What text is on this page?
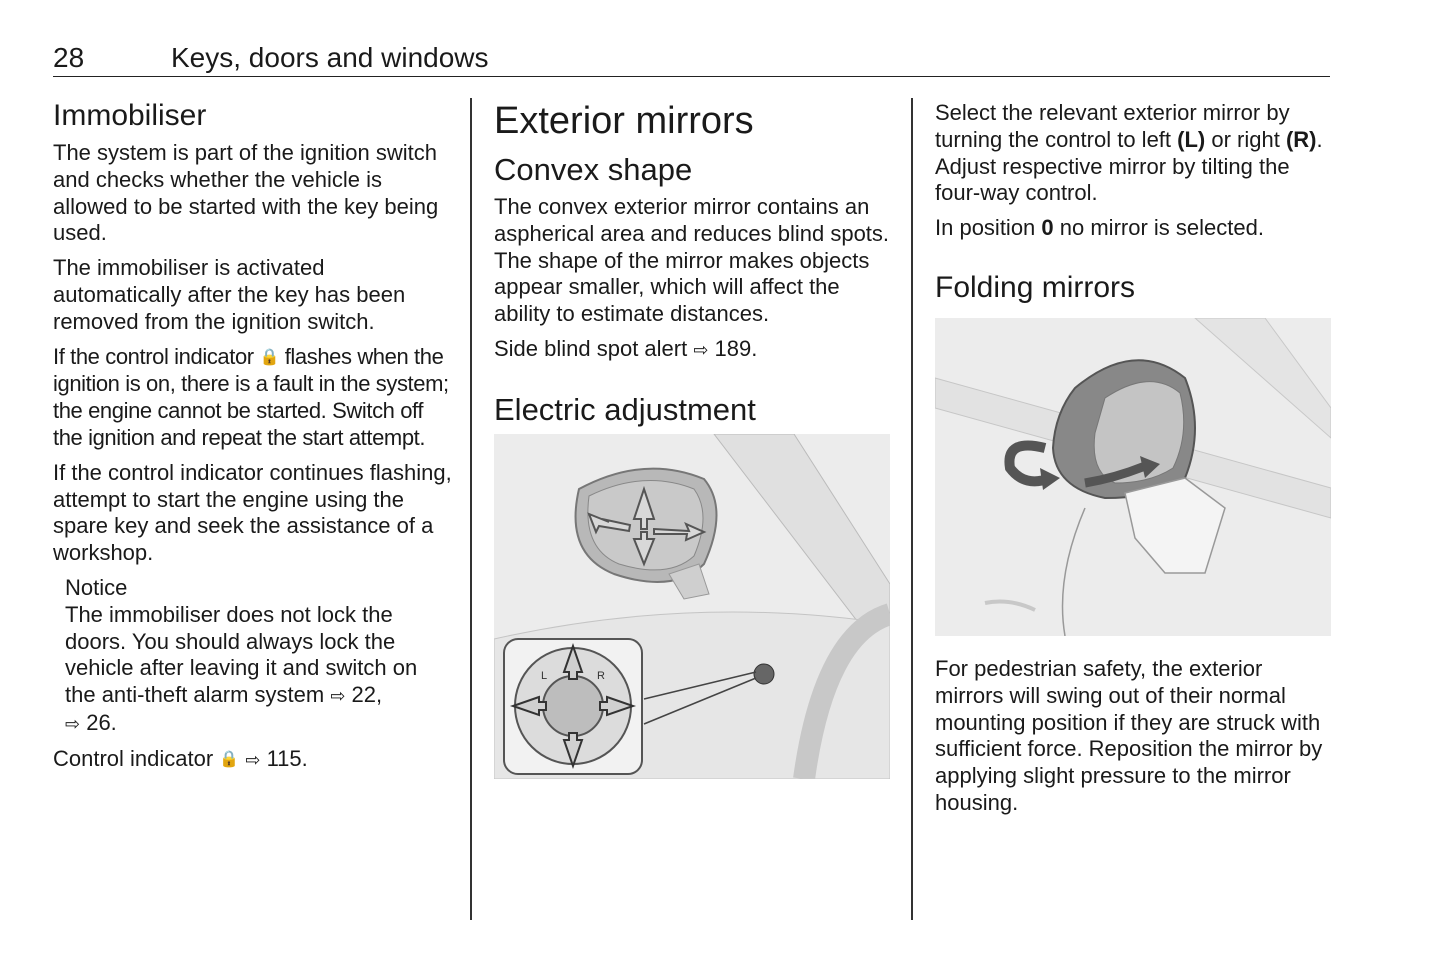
28	Keys, doors and windows
Immobiliser

The system is part of the ignition switch and checks whether the vehicle is allowed to be started with the key being used.

The immobiliser is activated automatically after the key has been removed from the ignition switch.

If the control indicator 🔒 flashes when the ignition is on, there is a fault in the system; the engine cannot be started. Switch off the ignition and repeat the start attempt.

If the control indicator continues flashing, attempt to start the engine using the spare key and seek the assistance of a workshop.

Notice

The immobiliser does not lock the doors. You should always lock the vehicle after leaving it and switch on the anti-theft alarm system ⇨ 22,
⇨ 26.

Control indicator 🔒 ⇨ 115.

Exterior mirrors
Convex shape

The convex exterior mirror contains an aspherical area and reduces blind spots. The shape of the mirror makes objects appear smaller, which will affect the ability to estimate distances.

Side blind spot alert ⇨ 189.

Electric adjustment
L	R

Select the relevant exterior mirror by turning the control to left (L) or right (R). Adjust respective mirror by tilting the four-way control.

In position 0 no mirror is selected.

Folding mirrors

For pedestrian safety, the exterior mirrors will swing out of their normal mounting position if they are struck with sufficient force. Reposition the mirror by applying slight pressure to the mirror housing.
